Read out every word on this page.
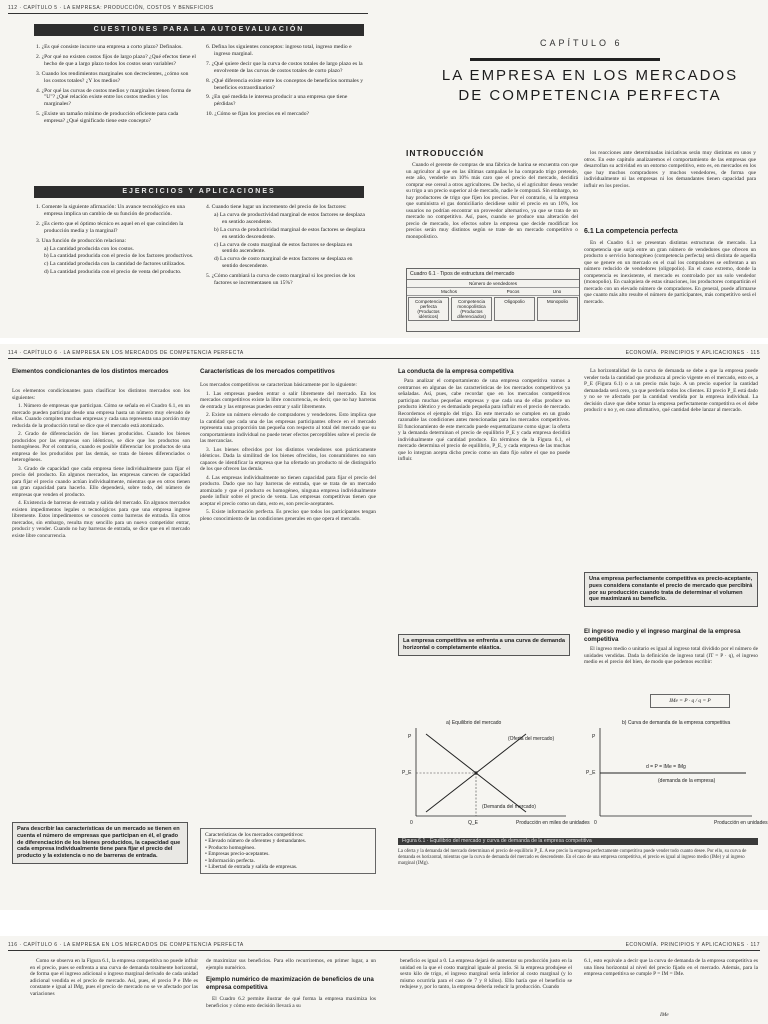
112 · CAPÍTULO 5 · LA EMPRESA: PRODUCCIÓN, COSTOS Y BENEFICIOS
CUESTIONES PARA LA AUTOEVALUACIÓN
1. ¿Es qué consiste incurre una empresa a corto plazo? Definalos.
2. ¿Por qué no existen costos fijos de largo plazo? ¿Qué efectos tiene el hecho de que a largo plazo todos los costos sean variables?
3. Cuando los rendimientos marginales son decrecientes, ¿cómo son los costos totales? ¿Y los medios?
4. ¿Por qué las curvas de costos medios y marginales tienen forma de "U"? ¿Qué relación existe entre los costos medios y los marginales?
5. ¿Existe un tamaño mínimo de producción eficiente para cada empresa? ¿Qué significado tiene este concepto?
6. Defina los siguientes conceptos: ingreso total, ingreso medio e ingreso marginal.
7. ¿Qué quiere decir que la curva de costos totales de largo plazo es la envolvente de las curvas de costos totales de corto plazo?
8. ¿Qué diferencia existe entre los conceptos de beneficios normales y beneficios extraordinarios?
9. ¿En qué medida le interesa producir a una empresa que tiene pérdidas?
10. ¿Cómo se fijan los precios en el mercado?
EJERCICIOS Y APLICACIONES
1. Comente la siguiente afirmación: Un avance tecnológico en una empresa implica un cambio de su función de producción.
2. ¿Es cierto que el óptimo técnico es aquel en el que coinciden la producción media y la marginal?
3. Una función de producción relaciona:
a) La cantidad producida con los costos.
b) La cantidad producida con el precio de los factores productivos.
c) La cantidad producida con la cantidad de factores utilizados.
d) La cantidad producida con el precio de venta del producto.
4. Cuando tiene lugar un incremento del precio de los factores:
a) La curva de productividad marginal de estos factores se desplaza en sentido ascendente.
b) La curva de productividad marginal de estos factores se desplaza en sentido descendente.
c) La curva de costo marginal de estos factores se desplaza en sentido ascendente.
d) La curva de costo marginal de estos factores se desplaza en sentido descendente.
5. ¿Cómo cambiará la curva de costo marginal si los precios de los factores se incrementasen un 15%?
CAPÍTULO 6
LA EMPRESA EN LOS MERCADOS
DE COMPETENCIA PERFECTA
INTRODUCCIÓN

Cuando el gerente de compras de una fábrica de harina se encuentra con que un agricultor al que en las últimas campañas le ha comprado trigo pretende, este año, venderle un 10% más caro que el precio del mercado, decidirá comprar ese cereal a otros agricultores. De hecho, si el agricultor desea vender su trigo a un precio superior al de mercado, nadie le comprará. Sin embargo, no hay productores de trigo que fijen los precios. Por el contrario, si la empresa que suministra el gas domiciliario decidiese subir el precio en un 10%, los usuarios no podrían encontrar un proveedor alternativo, ya que se trata de un mercado no competitivo. Así, pues, cuando se produce una alteración del precio de mercado, los efectos sobre la empresa que decide modificar los precios serán muy distintos según se trate de un mercado competitivo o monopolístico.

los reacciones ante determinadas iniciativas serán muy distintas en unos y otros. En este capítulo analizaremos el comportamiento de las empresas que desarrollan su actividad en un entorno competitivo, esto es, en mercados en los que hay muchos compradores y muchos vendedores, de forma que individualmente ni las empresas ni los demandantes tienen capacidad para influir en los precios.

6.1 La competencia perfecta

En el Cuadro 6.1 se presentan distintas estructuras de mercado. La competencia que surja entre un gran número de vendedores que ofrecen un producto o servicio homogéneo (competencia perfecta) será distinta de aquella que se genere en un mercado en el cual los compradores se enfrentan a un número reducido de vendedores (oligopolio). En el caso extremo, donde la competencia es inexistente, el mercado es controlado por un solo vendedor (monopolio). En cualquiera de estas situaciones, los productores compartirán el mercado con un elevado número de compradores. En general, puede afirmarse que cuanto más alto resulte el número de participantes, más competitivo será el mercado.

Cuadro 6.1 · Tipos de estructura del mercado
Número de vendedores
Muchos	Pocos	Uno
Competencia perfecta (Productos idénticos)
Competencia monopolística (Productos diferenciados)
Oligopolio	Monopolio
114 · CAPÍTULO 6 · LA EMPRESA EN LOS MERCADOS DE COMPETENCIA PERFECTA	ECONOMÍA. PRINCIPIOS Y APLICACIONES · 115
Elementos condicionantes de los distintos mercados

Los elementos condicionantes para clasificar los distintos mercados son los siguientes:

1. Número de empresas que participan. Cómo se señala en el Cuadro 6.1, en un mercado pueden participar desde una empresa hasta un número muy elevado de ellas. Cuando compiten muchas empresas y cada una representa una porción muy reducida de la producción total se dice que el mercado está atomizado.

2. Grado de diferenciación de los bienes producidos. Cuando los bienes producidos por las empresas son idénticos, se dice que los productos son homogéneos. Por el contrario, cuando es posible diferenciar los productos de una empresa de los producidos por las demás, se trata de bienes diferenciados o heterogéneos.

3. Grado de capacidad que cada empresa tiene individualmente para fijar el precio del producto. En algunos mercados, las empresas carecen de capacidad para fijar el precio cuando actúan individualmente, mientras que en otros tienen un gran capacidad para hacerlo. Ello dependerá, sobre todo, del número de empresas que venden el producto.

4. Existencia de barreras de entrada y salida del mercado. En algunos mercados existen impedimentos legales o tecnológicos para que una empresa ingrese libremente. Estos impedimentos se conocen como barreras de entrada. En otros mercados, sin embargo, resulta muy sencillo para un nuevo competidor entrar, producir y vender. Cuando no hay barreras de entrada, se dice que en el mercado existe libre concurrencia.

Para describir las características de un mercado se tienen en cuenta el número de empresas que participan en él, el grado de diferenciación de los bienes producidos, la capacidad que cada empresa individualmente tiene para fijar el precio del producto y la existencia o no de barreras de entrada.
Características de los mercados competitivos

Los mercados competitivos se caracterizan básicamente por lo siguiente:

1. Las empresas pueden entrar o salir libremente del mercado. En los mercados competitivos existe la libre concurrencia, es decir, que no hay barreras de entrada y las empresas pueden entrar y salir libremente.

2. Existe un número elevado de compradores y vendedores. Esto implica que la cantidad que cada una de las empresas participantes ofrece en el mercado representa una proporción tan pequeña con respecto al total del mercado que su comportamiento individual no puede tener efectos perceptibles sobre el precio de las mercancías.

3. Los bienes ofrecidos por los distintos vendedores son prácticamente idénticos. Dada la similitud de los bienes ofrecidos, los consumidores no son capaces de identificar la empresa que ha ofertado un producto ni de distinguirlo de los que ofrecen las demás.

4. Las empresas individualmente no tienen capacidad para fijar el precio del producto. Dado que no hay barreras de entrada, que se trata de un mercado atomizado y que el producto es homogéneo, ninguna empresa individualmente puede influir sobre el precio de venta. Las empresas competitivas tienen que aceptar el precio como un dato, esto es, son precio-aceptantes.

5. Existe información perfecta. Es preciso que todos los participantes tengan pleno conocimiento de las condiciones generales en que opera el mercado.

Características de los mercados competitivos:
• Elevado número de oferentes y demandantes.
• Producto homogéneo.
• Empresas precio-aceptantes.
• Información perfecta.
• Libertad de entrada y salida de empresas.
La conducta de la empresa competitiva

Para analizar el comportamiento de una empresa competitiva vamos a centrarnos en algunas de las características de los mercados competitivos ya señaladas. Así, pues, cabe recordar que en los mercados competitivos participan muchas pequeñas empresas y que cada una de ellas produce un producto idéntico y es demasiado pequeña para influir en el precio de mercado. Recordemos el ejemplo del trigo. En este mercado se cumplen en un grado razonable las condiciones antes mencionadas para los mercados competitivos. El funcionamiento de este mercado puede esquematizarse como sigue: la oferta y la demanda determinan el precio de equilibrio P_E y cada empresa decidirá individualmente qué cantidad produce. En términos de la Figura 6.1, el mercado determina el precio de equilibrio, P_E, y cada empresa de las muchas que lo integran acepta dicho precio como un dato fijo sobre el que no puede influir.

La empresa competitiva se enfrenta a una curva de demanda horizontal o completamente elástica.

La horizontalidad de la curva de demanda se debe a que la empresa puede vender toda la cantidad que produzca al precio vigente en el mercado, esto es, a P_E (Figura 6.1) o a un precio más bajo. A un precio superior la cantidad demandada será cero, ya que perdería todos los clientes. El precio P_E está dado y no se ve afectado por la cantidad vendida por la empresa individual. La decisión clave que debe tomar la empresa perfectamente competitiva es el debe producir o no y, en caso afirmativo, qué cantidad debe lanzar al mercado.

Una empresa perfectamente competitiva es precio-aceptante, pues considera constante el precio de mercado que percibirá por su producción cuando trata de determinar el volumen que maximizará su beneficio.
El ingreso medio y el ingreso marginal de la empresa competitiva

El ingreso medio o unitario es igual al ingreso total dividido por el número de unidades vendidas. Dada la definición de ingreso total (IT = P · q), el ingreso medio es el precio del bien, de modo que podemos escribir:

IMe = P · q / q = P
a) Equilibrio del mercado
P
P_E
0	Q_E
(Oferta del mercado)
(Demanda del mercado)
Producción en miles de unidades
b) Curva de demanda de la empresa competitiva
P
P_E
0
d = P = IMe = IMg
(demanda de la empresa)
Producción en unidades
Figura 6.1 · Equilibrio del mercado y curva de demanda de la empresa competitiva
La oferta y la demanda del mercado determinan el precio de equilibrio P_E. A ese precio la empresa perfectamente competitiva puede vender todo cuanto desee. Por ello, su curva de demanda es horizontal, mientras que la curva de demanda del mercado es descendente. En el caso de una empresa competitiva, el precio es igual al ingreso medio (IMe) y al ingreso marginal (IMg).
116 · CAPÍTULO 6 · LA EMPRESA EN LOS MERCADOS DE COMPETENCIA PERFECTA	ECONOMÍA. PRINCIPIOS Y APLICACIONES · 117

Como se observa en la Figura 6.1, la empresa competitiva no puede influir en el precio, pues se enfrenta a una curva de demanda totalmente horizontal, de forma que el ingreso adicional o ingreso marginal derivado de cada unidad adicional vendida es el precio de mercado. Así, pues, el precio P e IMe es constante e igual al IMg, pues el precio de mercado no se ve afectado por las variaciones

de maximizar sus beneficios. Para ello recurriremos, en primer lugar, a un ejemplo numérico.

Ejemplo numérico de maximización de beneficios de una empresa competitiva

El Cuadro 6.2 permite ilustrar de qué forma la empresa maximiza los beneficios y cómo esto decisión llevará a su

beneficio es igual a 0. La empresa dejará de aumentar su producción justo en la unidad en la que el costo marginal iguale al precio. Si la empresa produjese el sexto kilo de trigo, el ingreso marginal sería inferior al costo marginal (y lo mismo ocurriría para el caso de 7 y 8 kilos). Ello haría que el beneficio se redujese y, por lo tanto, la empresa debería reducir la producción. Cuando

6.1, esto equivale a decir que la curva de demanda de la empresa competitiva es una línea horizontal al nivel del precio fijado en el mercado. Además, para la empresa competitiva se cumple P = IM = IMe.

IMe
